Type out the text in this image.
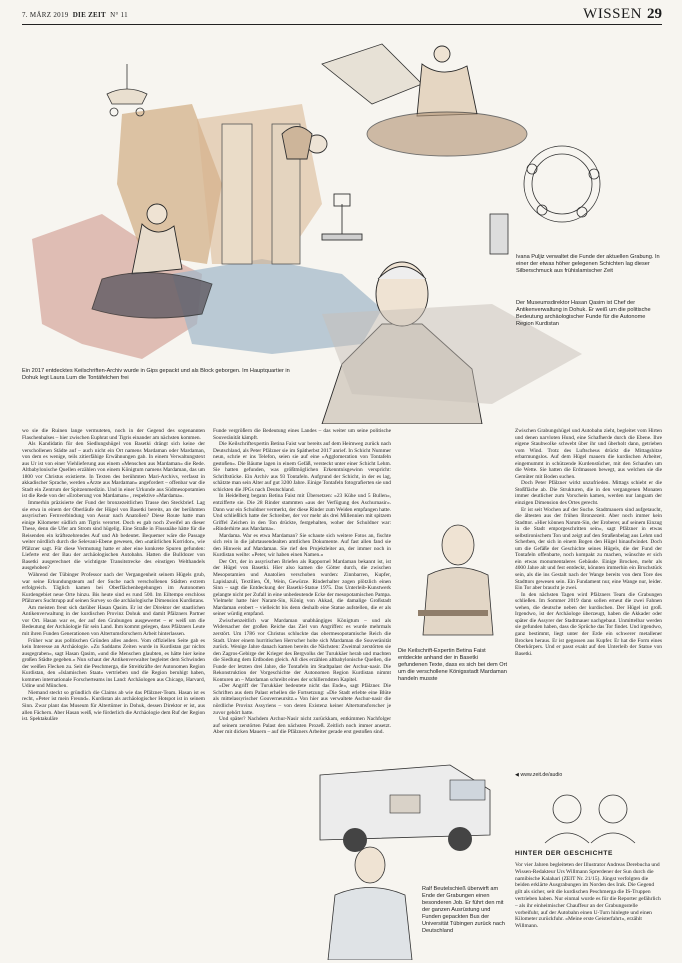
7. MÄRZ 2019 DIE ZEIT N° 11	WISSEN 29
Ein 2017 entdecktes Keilschriften-Archiv wurde in Gips gepackt und als Block geborgen. Im Hauptquartier in Dohuk legt Laura Lum die Tontäfelchen frei
Ivana Puljiz verwaltet die Funde der aktuellen Grabung. In einer der etwas höher gelegenen Schichten lag dieser Silberschmuck aus frühislamischer Zeit
Der Museumsdirektor Hasan Qasim ist Chef der Antikenverwaltung in Dohuk. Er weiß um die politische Bedeutung archäologischer Funde für die Autonome Region Kurdistan

wo sie die Ruinen lange vermuteten, noch in der Gegend des sogenannten Flaschenhalses – hier zwischen Euphrat und Tigris einander am nächsten kommen.

Als Kandidatin für den Siedlungshügel von Basetki drängt sich keine der verschollenen Städte auf – auch nicht ein Ort namens Mardaman oder Mardaman, von dem es wenige, teils zitierfähige Erwähnungen gab. In einem Verwaltungstext aus Ur ist von einer Viehlieferung aus einem »Menschen aus Mardaman« die Rede. Altbabylonische Quellen erzählen von einem Königtum namens Mardaman, das um 1800 vor Christus existierte. In Texten des berühmten Mari-Archivs, verfasst in akkadischer Sprache, werden »Ärzte aus Mardaman« angefordert – offenbar war die Stadt ein Zentrum der Spitzenmedizin. Und in einer Urkunde aus Südmesopotamien ist die Rede von der »Eroberung von Mardaman« , respektive »Mardama«.

Immerhin präzisierte der Fund der bronzezeitlichen Trasse den Steckbrief. Lag sie etwa in einem der Oberläufe der Hügel von Basetki bereits, an der berühmten assyrischen Fernverbindung von Assur nach Anatolien? Diese Route hatte man einige Kilometer südlich am Tigris verortet. Doch es gab noch Zweifel an dieser These, denn die Ufer am Strom sind hügelig. Eine Straße in Flussnähe hätte für die Reisenden ein kräftezehrendes Auf und Ab bedeutet. Bequemer wäre die Passage weiter nördlich durch die Selevani-Ebene gewesen, den »natürlichen Korridor«, wie Pfälzner sagt. Für diese Vermutung hatte er aber eine konkrete Spuren gefunden: Lieferte erst der Bau der archäologischen Autobahn. Hatten die Bulldozer von Basetki ausgerechnet die wichtigste Transitstrecke des einstigen Welthandels ausgehoben?

Während der Tübinger Professor nach der Vergangenheit seinem Hügels grub, war seine Erkundungsteam auf der Suche nach verschollenen Städten extrem erfolgreich. Täglich kamen bei Oberflächenbegehungen im Autonomen Kurdengebiet neue Orte hinzu. Bis heute sind es rund 500. Im Eiltempo erschloss Pfälzners Suchtrupp auf seinen Survey so die archäologische Dimension Kurdistans.

Am meisten freut sich darüber Hasan Qasim. Er ist der Direktor der staatlichen Antikenverwaltung in der kurdischen Provinz Dohuk und damit Pfälzners Partner vor Ort. Hasan war es, der auf den Grabungen ausgewertet – er weiß um die Bedeutung der Archäologie für sein Land. Ihm kommt gelegen, dass Pfälzners Leute mit ihren Funden Generationen von Altertumsforschern Arbeit hinterlassen.

Früher war aus politischen Gründen alles anders. Vom offiziellen Seite gab es kein Interesse an Archäologie. »Zu Saddams Zeiten wurde in Kurdistan gar nichts ausgegraben«, sagt Hasan Qasim, »und die Menschen glaubten, es hätte hier keine großen Städte gegeben.« Nun schaut der Antikenverwalter begleitet dem Schwinden der weißen Flecken zu. Seit die Peschmerga, die Streitkräfte der Autonomen Region Kurdistan, den »Islamischen Staat« vertrieben und die Region beruhigt haben, kommen internationale Forscherteams ins Land: Archäologen aus Chicago, Harvard, Udine und München.

Niemand steckt so gründlich die Claims ab wie das Pfälzner-Team. Hasan ist es recht, »Peter ist mein Freund«. Kurdistan als archäologischer Hotspot ist in seinem Sinn. Zwar plant das Museum für Altertümer in Dohuk, dessen Direktor er ist, aus allen Fächern. Aber Hasan weiß, wie förderlich die Archäologie dem Ruf der Region ist. Spektakuläre

Funde vergrößern die Bedeutung eines Landes – das weiter um seine politische Souveränität kämpft.

Die Keilschriftexpertin Betina Faist war bereits auf dem Heimweg zurück nach Deutschland, als Peter Pfälzner sie im Spätherbst 2017 anrief. In Schicht Nummer neun, schrie er ins Telefon, seien sie auf eine »Agglomeration von Tontafeln gestoßen«. Die Bäume lagen in einem Gefäß, versteckt unter einer Schicht Lehm. Sie hatten gefunden, was größtmöglichen Erkenntnisgewinn verspricht: Schriftstücke. Ein Archiv aus 93 Tontafeln. Aufgrund der Schicht, in der es lag, schätzte man sein Alter auf gut 3200 Jahre. Einige Tontafeln fotografierten sie und schickten die JPGs nach Deutschland.

In Heidelberg begann Betina Faist mit Übersetzen: »23 Kühe und 5 Bullen«, entzifferte sie. Die 28 Rinder stammten »aus der Verfügung des Aschurnasir«. Dann war ein Schuldner vermerkt, der diese Rinder zum Weiden empfangen hatte. Und schließlich hatte der Schreiber, der vor mehr als drei Millennien mit spitzem Griffel Zeichen in den Ton drückte, festgehalten, woher der Schuldner war: »Rinderhirte aus Mardama«.

Mardama. War es etwa Mardaman? Sie schaute sich weitere Fotos an, fischte sich rein in die jahrtausendealten amtlichen Dokumente. Auf fast allen fand sie den Hinweis auf Mardaman. Sie rief den Projektleiter an, der immer noch in Kurdistan weilte: »Peter, wir haben einen Namen.«

Der Ort, der in assyrischen Briefen als Rappornel Mardaman bekannt ist, ist der Hügel von Basetki. Hier also kamen die Götter durch, die zwischen Mesopotamien und Anatolien verschoben wurden: Zinnbarren, Kupfer, Lapislazuli, Textilien, Öl, Wein, Gewürze. Rinderhalter zogen plötzlich einen Sinn – sagt die Entdeckung der Basetki-Statue 1975. Das Unterleib-Kunstwerk gelangte nicht per Zufall in eine unbedeutende Ecke der mesopotamischen Pampa. Vielmehr hatte hier Naram-Sin, König von Akkad, die damalige Großstadt Mardaman erobert – vielleicht bis denn deshalb eine Statue aufstellen, die er als seiner würdig empfand.

Zwischenzeitlich war Mardaman unabhängiges Königtum – und als Widersacher der großen Reiche das Ziel von Angriffen: es wurde mehrmals zerstört. Um 1786 vor Christus schluckte das obermesopotamische Reich die Stadt. Unter einem hurritischen Herrscher holte sich Mardaman die Souveränität zurück. Wenige Jahre danach kamen bereits die Nächsten: Zweimal zerstörten sie den Zagros-Gebirge der Krieger des Bergvolks der Turukkäer herab und machten die Siedlung dem Erdboden gleich. All dies erzählen altbabylonische Quellen, die Funde der letzten drei Jahre, die Tontafeln im Stadtpalast der Archur-nasir. Die Rekonstruktion der Vorgeschichte der Autonomen Region Kurdistan nimmt Konturen an – Mardaman schreibt eines der schillerndsten Kapitel.

»Der Angriff der Turukkäer bedeutete nicht das Ende«, sagt Pfälzner. Die Schriften aus dem Palast erhellen die Fortsetzung: »Die Stadt erlebte eine Blüte als mittelassyrischer Gouverneursitz.« Von hier aus verwaltete Aschur-nasir die nördliche Provinz Assyriens – von deren Existenz keiner Altertumsforscher je zuvor gehört hatte.

Und später? Nachdem Archur-Nasir nicht zurückkam, entkimmen Nachfolger auf seinem zerstörten Palast den nächsten Prozeß. Zeitlich noch immer ansetzt. Aber mit dicken Mauern – auf die Pfälzners Arbeiter gerade erst gestoßen sind.

Die Keilschrift-Expertin Betina Faist entdeckte anhand der in Basetki gefundenen Texte, dass es sich bei dem Ort um die verschollene Königsstadt Mardaman handeln musste
Ralf Beutelschieß überwirft am Ende der Grabungen einen besonderen Job. Er führt den mit der ganzen Ausrüstung und Funden gepackten Bus der Universität Tübingen zurück nach Deutschland

Zwischen Grabungshügel und Autobahn zieht, begleitet vom Hirten und denen narvloten Hund, eine Schafherde durch die Ebene. Ihre eigene Staubwolke schwebt über ihr und überholt dann, getrieben vom Wind. Trotz des Luftscheus drückt die Mittagshitze erbarmungslos. Auf dem Hügel mauern die kurdischen Arbeiter, eingemummt in schützende Kurdenstücher, mit den Schaufen um die Wette. Sie hatten die Erdmassen bewegt, aus welchen sie die Gemüter mit Boden suchen.

Doch Peter Pfälzner wirkt unzufrieden. Mittags schiebt er die Stoßfläche ab. Die Strukturen, die in den vergangenen Monaten immer deutlicher zum Vorschein kamen, werden nur langsam der einzigen Dimension des Ortes gerecht.

Er ist seit Wochen auf der Suche. Stadtmauern sind aufgetaucht, die ältesten aus der frühen Bronzezeit. Aber noch immer kein Stadttor. »Hier können Narum-Sin, der Eroberer, auf seinem Einzug in die Stadt emporgeschritten sein«, sagt Pfälzner in etwas selbstironischem Ton und zeigt auf den Straßenbelag aus Lehm und Scherben, der sich in einem Bogen den Hügel hinaufwindet. Doch um die Gefäße der Geschichte seines Hügels, die der Fund der Tontafeln offenbarte, noch kompakt zu machen, wünschte er sich ein etwas monumentaleres Gebäude. Einige Brocken, mehr als 4000 Jahre alt und fest entdeckt, könnten immerhin ein Bruchstück sein, als die ins Gestalt nach der Wange bereits von dem Tore des Stadttors gewesen sein. Ein Fundament nur, eine Wange nur, leider. Ein Tor aber braucht je zwei.

In den nächsten Tagen wird Pfälzners Team die Grabungen schließen. Im Sommer 2019 dann sollen erneut die zwei Fahnen wehen, die deutsche neben der kurdischen. Der Hügel ist groß. Irgendwo, ist der Archäologe überzeugt, haben die Akkader oder später die Assyrer der Stadtmauer nachgebaut. Unmittelbar werden sie gefunden haben, dass die Sprüche das Tor findet. Und irgendwo, ganz bestimmt, liegt unter der Erde ein schwerer metallener Brocken heraus. Er ist gegossen aus Kupfer. Er hat die Form eines Oberkörpers. Und er passt exakt auf den Unterleib der Statue von Basetki.

◀ www.zeit.de/audio
HINTER DER GESCHICHTE
Vor vier Jahren begleiteten der Illustrator Andreas Derebucha und Wissen-Redakteur Urs Willmann Sprerdener der Sun durch die namibische Kalahari (ZEIT Nr. 21/15). Jüngst verfolgten die beiden erklärte Ausgrabungen im Norden des Irak. Die Gegend gilt als sicher, seit die kurdischen Peschmerga die IS-Truppen vertrieben haben. Nur einmal wurde es für die Reporter gefährlich – als ihr einheimischer Chauffeur an der Grabungsstelle vorbeifuhr, auf der Autobahn einen U-Turn hinlegte und einen Kilometer zurückfuhr. »Meine erste Geisterfahrt«, erzählt Willmann.
